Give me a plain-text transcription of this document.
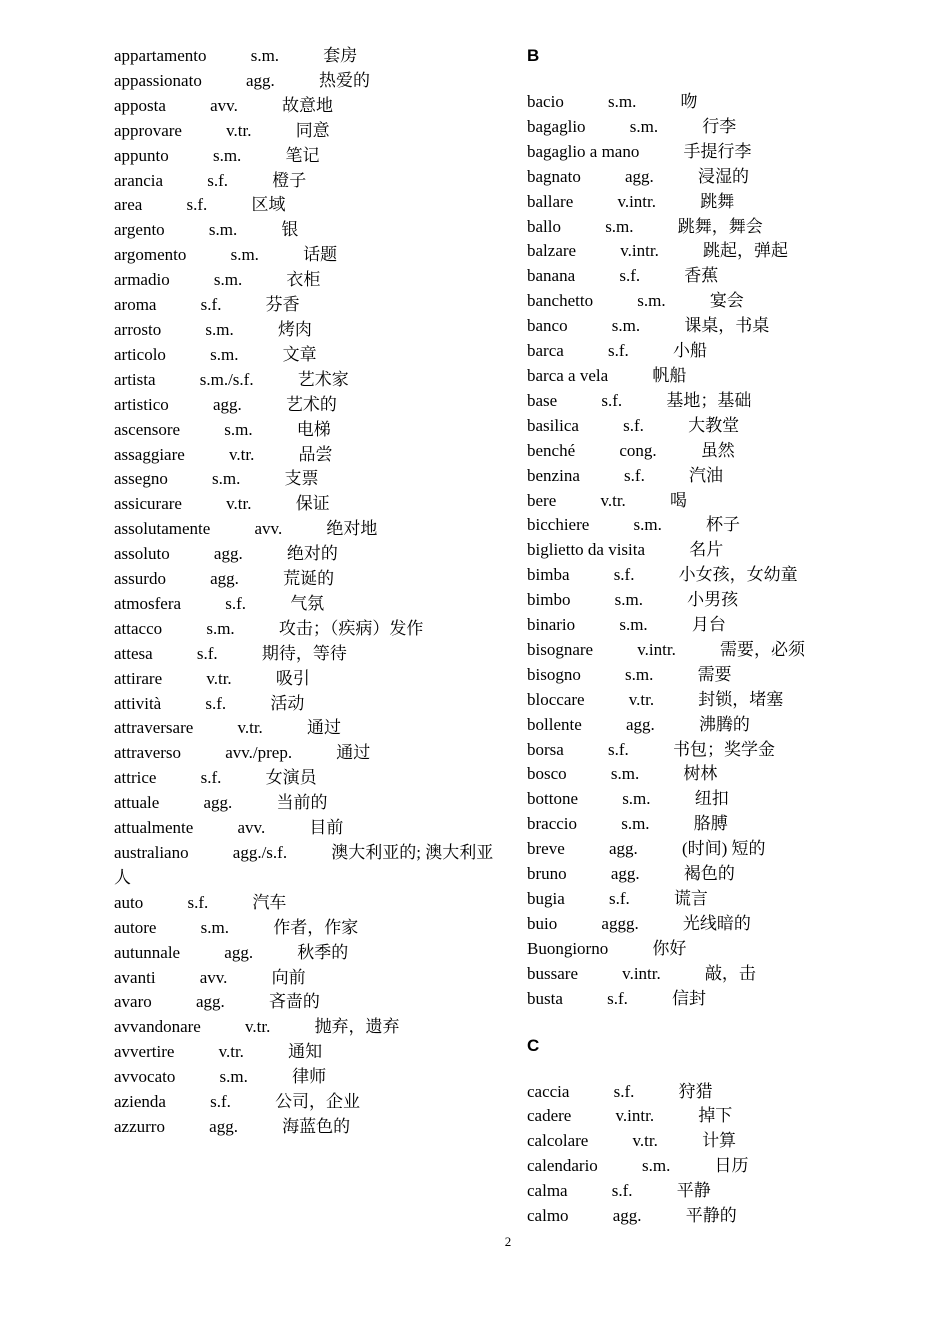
appartamento	s.m.	套房
appassionato	agg.	热爱的
apposta	avv.	故意地
approvare	v.tr.	同意
appunto	s.m.	笔记
arancia	s.f.	橙子
area	s.f.	区域
argento	s.m.	银
argomento	s.m.	话题
armadio	s.m.	衣柜
aroma	s.f.	芬香
arrosto	s.m.	烤肉
articolo	s.m.	文章
artista	s.m./s.f.	艺术家
artistico	agg.	艺术的
ascensore	s.m.	电梯
assaggiare	v.tr.	品尝
assegno	s.m.	支票
assicurare	v.tr.	保证
assolutamente	avv.	绝对地
assoluto	agg.	绝对的
assurdo	agg.	荒诞的
atmosfera	s.f.	气氛
attacco	s.m.	攻击；（疾病）发作
attesa	s.f.	期待，等待
attirare	v.tr.	吸引
attività	s.f.	活动
attraversare	v.tr.	通过
attraverso	avv./prep.	通过
attrice	s.f.	女演员
attuale	agg.	当前的
attualmente	avv.	目前
australiano	agg./s.f.	澳大利亚的; 澳大利亚人
auto	s.f.	汽车
autore	s.m.	作者，作家
autunnale	agg.	秋季的
avanti	avv.	向前
avaro	agg.	吝啬的
avvandonare	v.tr.	抛弃，遗弃
avvertire	v.tr.	通知
avvocato	s.m.	律师
azienda	s.f.	公司，企业
azzurro	agg.	海蓝色的
B
bacio	s.m.	吻
bagaglio	s.m.	行李
bagaglio a mano	手提行李
bagnato	agg.	浸湿的
ballare	v.intr.	跳舞
ballo	s.m.	跳舞，舞会
balzare	v.intr.	跳起，弹起
banana	s.f.	香蕉
banchetto	s.m.	宴会
banco	s.m.	课桌，书桌
barca	s.f.	小船
barca a vela	帆船
base	s.f.	基地；基础
basilica	s.f.	大教堂
benché	cong.	虽然
benzina	s.f.	汽油
bere	v.tr.	喝
bicchiere	s.m.	杯子
biglietto da visita	名片
bimba	s.f.	小女孩，女幼童
bimbo	s.m.	小男孩
binario	s.m.	月台
bisognare	v.intr.	需要，必须
bisogno	s.m.	需要
bloccare	v.tr.	封锁，堵塞
bollente	agg.	沸腾的
borsa	s.f.	书包；奖学金
bosco	s.m.	树林
bottone	s.m.	纽扣
braccio	s.m.	胳膊
breve	agg.	(时间) 短的
bruno	agg.	褐色的
bugia	s.f.	谎言
buio	aggg.	光线暗的
Buongiorno	你好
bussare	v.intr.	敲，击
busta	s.f.	信封
C
caccia	s.f.	狩猎
cadere	v.intr.	掉下
calcolare	v.tr.	计算
calendario	s.m.	日历
calma	s.f.	平静
calmo	agg.	平静的
2
